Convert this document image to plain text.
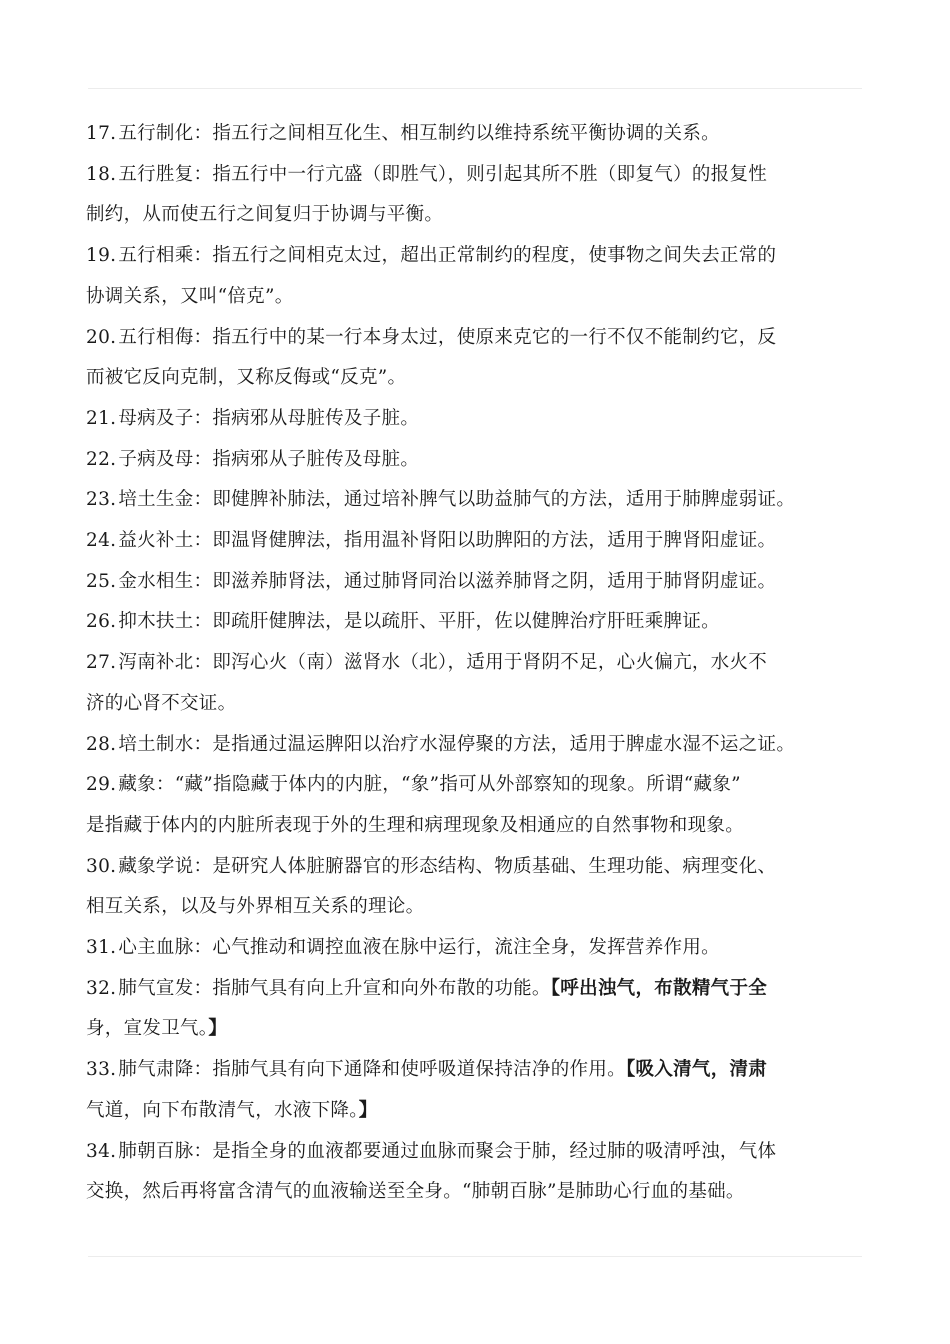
17. 五行制化：指五行之间相互化生、相互制约以维持系统平衡协调的关系。

18. 五行胜复：指五行中一行亢盛（即胜气），则引起其所不胜（即复气）的报复性
制约，从而使五行之间复归于协调与平衡。

19. 五行相乘：指五行之间相克太过，超出正常制约的程度，使事物之间失去正常的
协调关系，又叫“倍克”。

20. 五行相侮：指五行中的某一行本身太过，使原来克它的一行不仅不能制约它，反
而被它反向克制，又称反侮或“反克”。

21. 母病及子：指病邪从母脏传及子脏。

22. 子病及母：指病邪从子脏传及母脏。

23. 培土生金：即健脾补肺法，通过培补脾气以助益肺气的方法，适用于肺脾虚弱证。

24. 益火补土：即温肾健脾法，指用温补肾阳以助脾阳的方法，适用于脾肾阳虚证。

25. 金水相生：即滋养肺肾法，通过肺肾同治以滋养肺肾之阴，适用于肺肾阴虚证。

26. 抑木扶土：即疏肝健脾法，是以疏肝、平肝，佐以健脾治疗肝旺乘脾证。

27. 泻南补北：即泻心火（南）滋肾水（北），适用于肾阴不足，心火偏亢，水火不
济的心肾不交证。

28. 培土制水：是指通过温运脾阳以治疗水湿停聚的方法，适用于脾虚水湿不运之证。

29. 藏象：“藏”指隐藏于体内的内脏，“象”指可从外部察知的现象。所谓“藏象”
是指藏于体内的内脏所表现于外的生理和病理现象及相通应的自然事物和现象。

30. 藏象学说：是研究人体脏腑器官的形态结构、物质基础、生理功能、病理变化、
相互关系，以及与外界相互关系的理论。

31. 心主血脉：心气推动和调控血液在脉中运行，流注全身，发挥营养作用。

32. 肺气宣发：指肺气具有向上升宣和向外布散的功能。【呼出浊气，布散精气于全
身，宣发卫气。】

33. 肺气肃降：指肺气具有向下通降和使呼吸道保持洁净的作用。【吸入清气，清肃
气道，向下布散清气，水液下降。】

34. 肺朝百脉：是指全身的血液都要通过血脉而聚会于肺，经过肺的吸清呼浊，气体
交换，然后再将富含清气的血液输送至全身。“肺朝百脉”是肺助心行血的基础。
